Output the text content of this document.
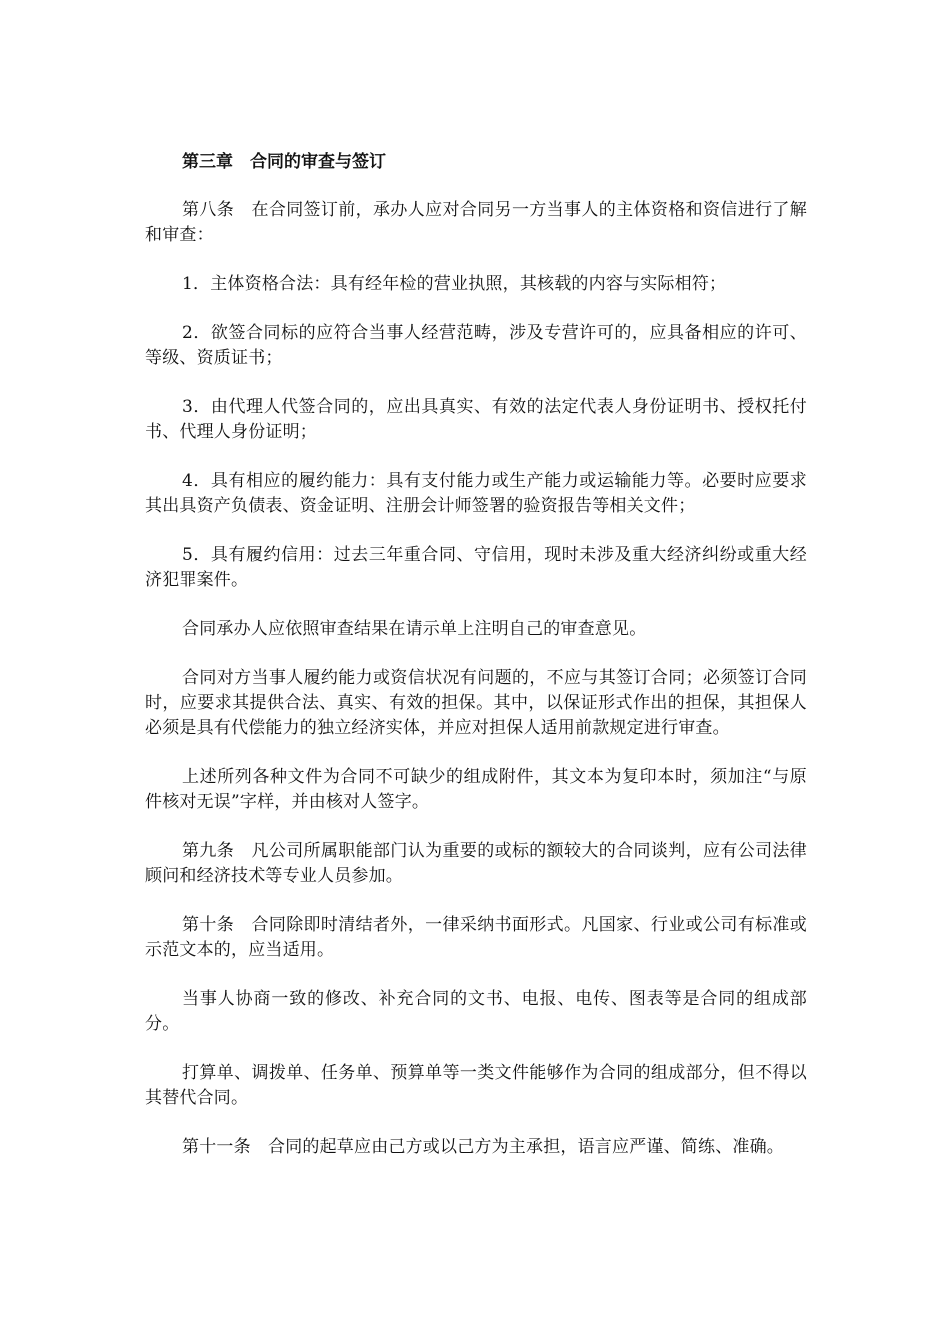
第三章　合同的审查与签订

第八条　在合同签订前，承办人应对合同另一方当事人的主体资格和资信进行了解和审查：

1．主体资格合法：具有经年检的营业执照，其核载的内容与实际相符；

2．欲签合同标的应符合当事人经营范畴，涉及专营许可的，应具备相应的许可、等级、资质证书；

3．由代理人代签合同的，应出具真实、有效的法定代表人身份证明书、授权托付书、代理人身份证明；

4．具有相应的履约能力：具有支付能力或生产能力或运输能力等。必要时应要求其出具资产负债表、资金证明、注册会计师签署的验资报告等相关文件；

5．具有履约信用：过去三年重合同、守信用，现时未涉及重大经济纠纷或重大经济犯罪案件。

合同承办人应依照审查结果在请示单上注明自己的审查意见。

合同对方当事人履约能力或资信状况有问题的，不应与其签订合同；必须签订合同时，应要求其提供合法、真实、有效的担保。其中，以保证形式作出的担保，其担保人必须是具有代偿能力的独立经济实体，并应对担保人适用前款规定进行审查。

上述所列各种文件为合同不可缺少的组成附件，其文本为复印本时，须加注“与原件核对无误”字样，并由核对人签字。

第九条　凡公司所属职能部门认为重要的或标的额较大的合同谈判，应有公司法律顾问和经济技术等专业人员参加。

第十条　合同除即时清结者外，一律采纳书面形式。凡国家、行业或公司有标准或示范文本的，应当适用。

当事人协商一致的修改、补充合同的文书、电报、电传、图表等是合同的组成部分。

打算单、调拨单、任务单、预算单等一类文件能够作为合同的组成部分，但不得以其替代合同。

第十一条　合同的起草应由己方或以己方为主承担，语言应严谨、简练、准确。
